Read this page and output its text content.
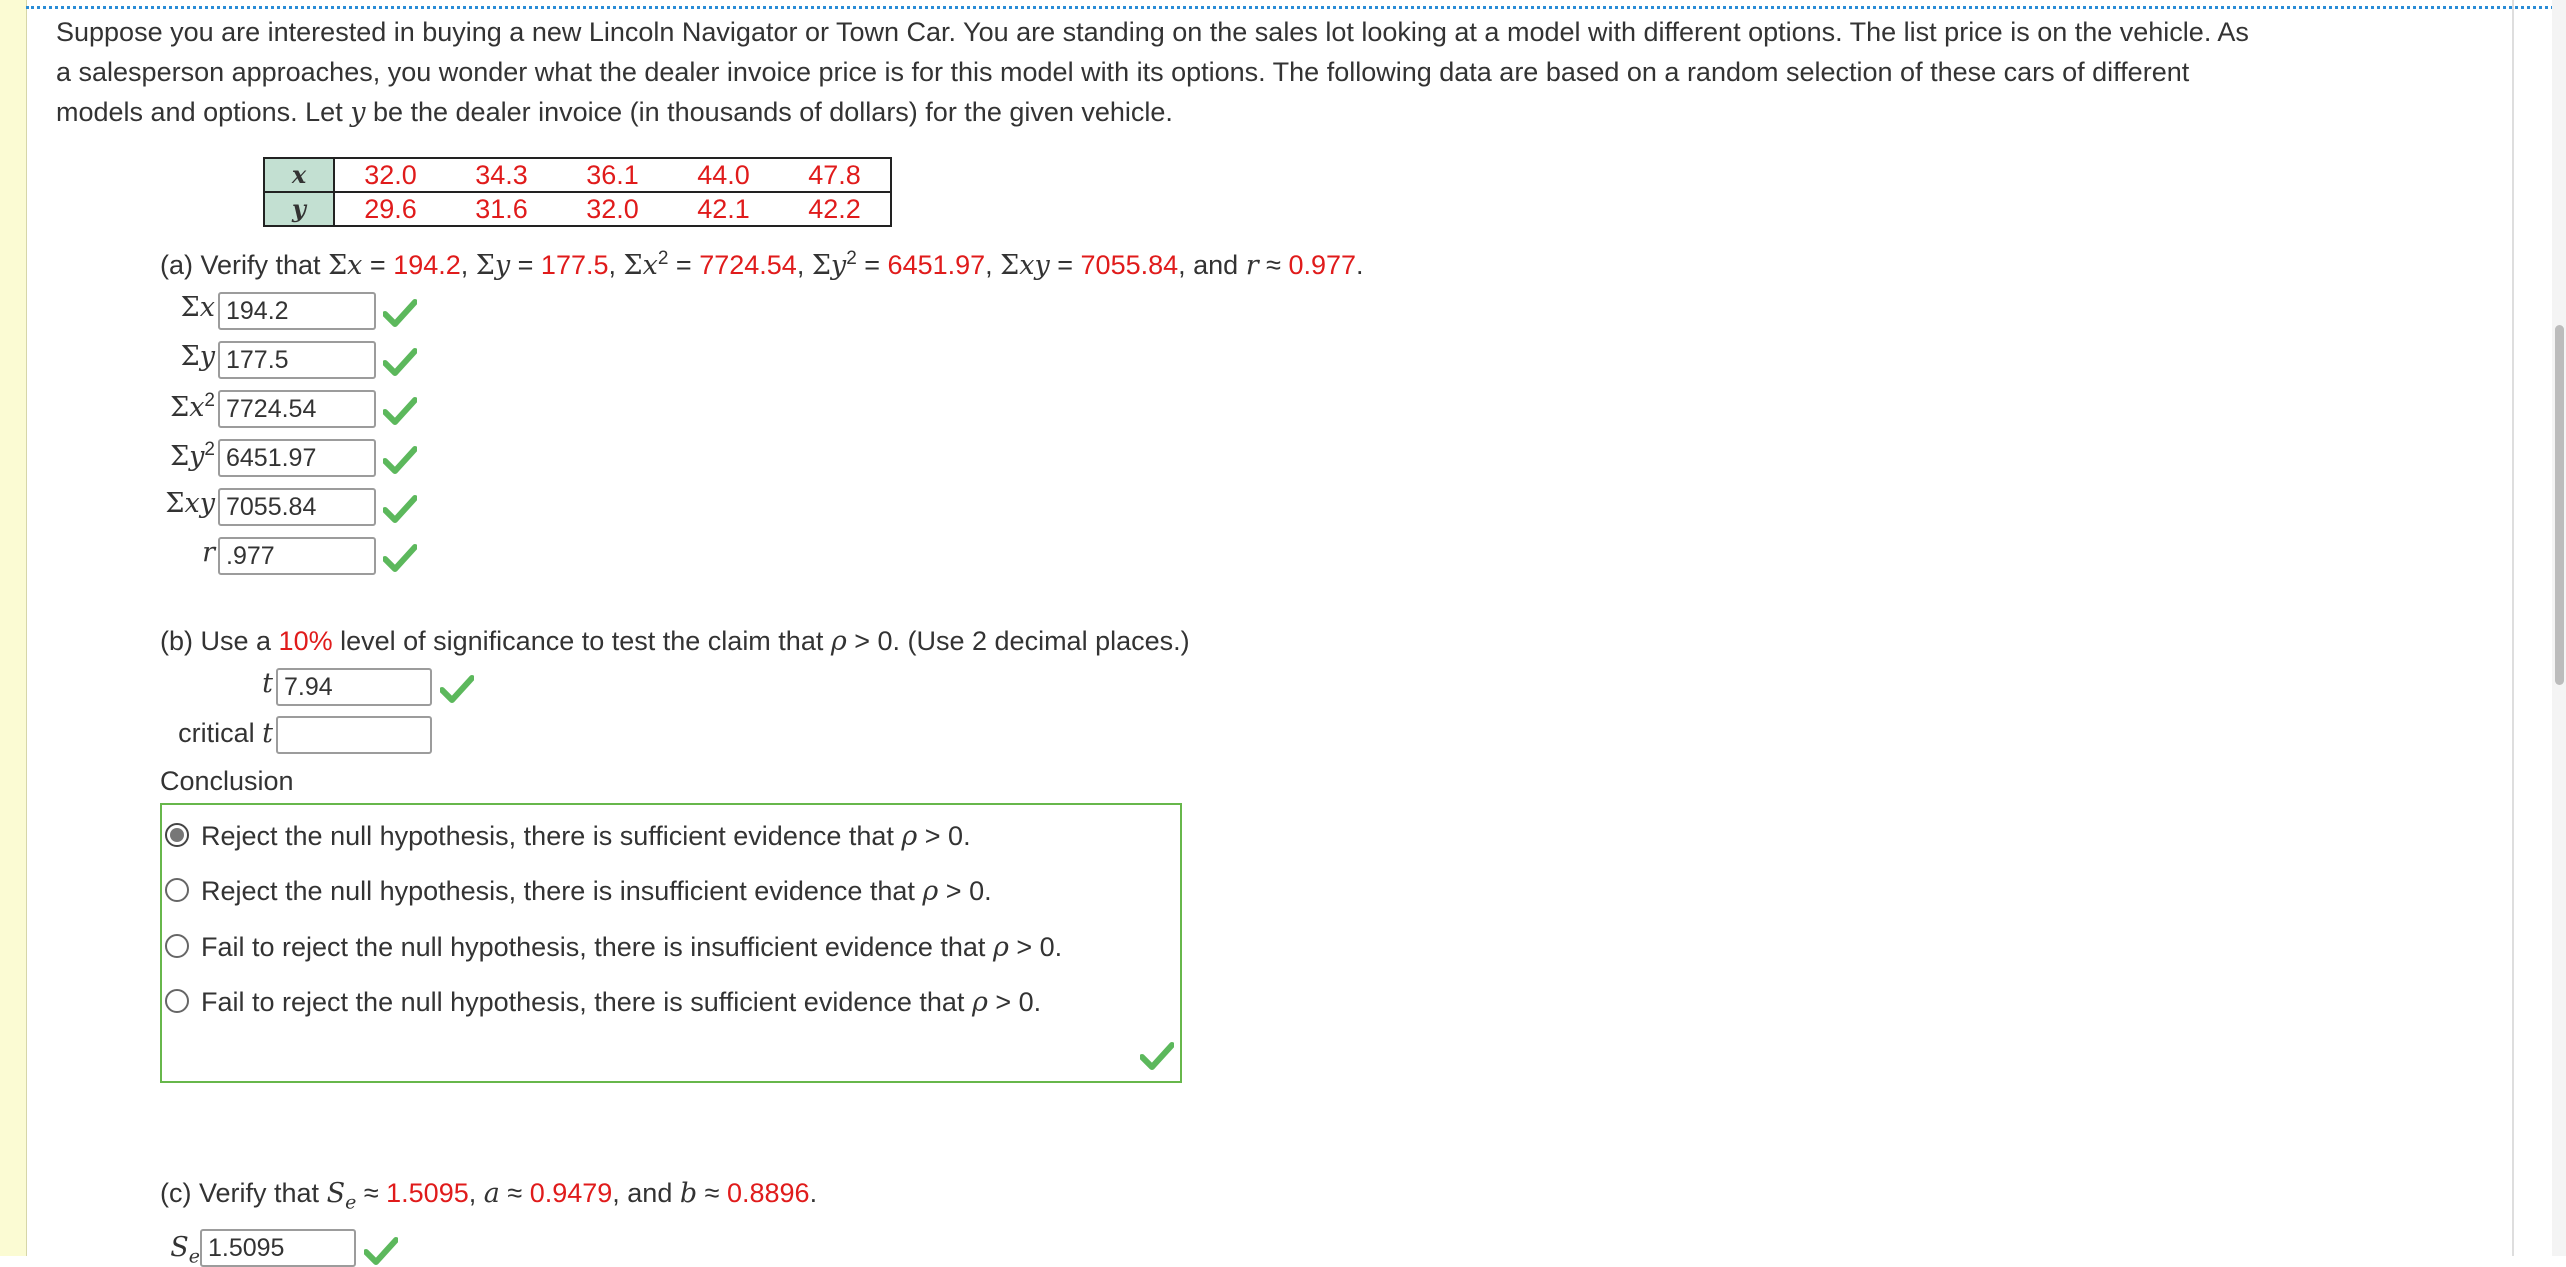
Suppose you are interested in buying a new Lincoln Navigator or Town Car. You are standing on the sales lot looking at a model with different options. The list price is on the vehicle. As
a salesperson approaches, you wonder what the dealer invoice price is for this model with its options. The following data are based on a random selection of these cars of different
models and options. Let y be the dealer invoice (in thousands of dollars) for the given vehicle.
x	32.0	34.3	36.1	44.0	47.8
y	29.6	31.6	32.0	42.1	42.2
(a) Verify that Σx = 194.2, Σy = 177.5, $\Sigma x^2 = 7724.54$, $\Sigma y^2 = 6451.97$, Σxy = 7055.84, and r ≈ 0.977.
Σx 194.2
Σy 177.5
$\Sigma x^2$ 7724.54
$\Sigma y^2$ 6451.97
Σxy 7055.84
r .977
(b) Use a 10% level of significance to test the claim that ρ > 0. (Use 2 decimal places.)
t 7.94
critical t
Conclusion
Reject the null hypothesis, there is sufficient evidence that ρ > 0.
Reject the null hypothesis, there is insufficient evidence that ρ > 0.
Fail to reject the null hypothesis, there is insufficient evidence that ρ > 0.
Fail to reject the null hypothesis, there is sufficient evidence that ρ > 0.
(c) Verify that $S_e \approx 1.5095$, a ≈ 0.9479, and b ≈ 0.8896.
$S_e$ 1.5095
